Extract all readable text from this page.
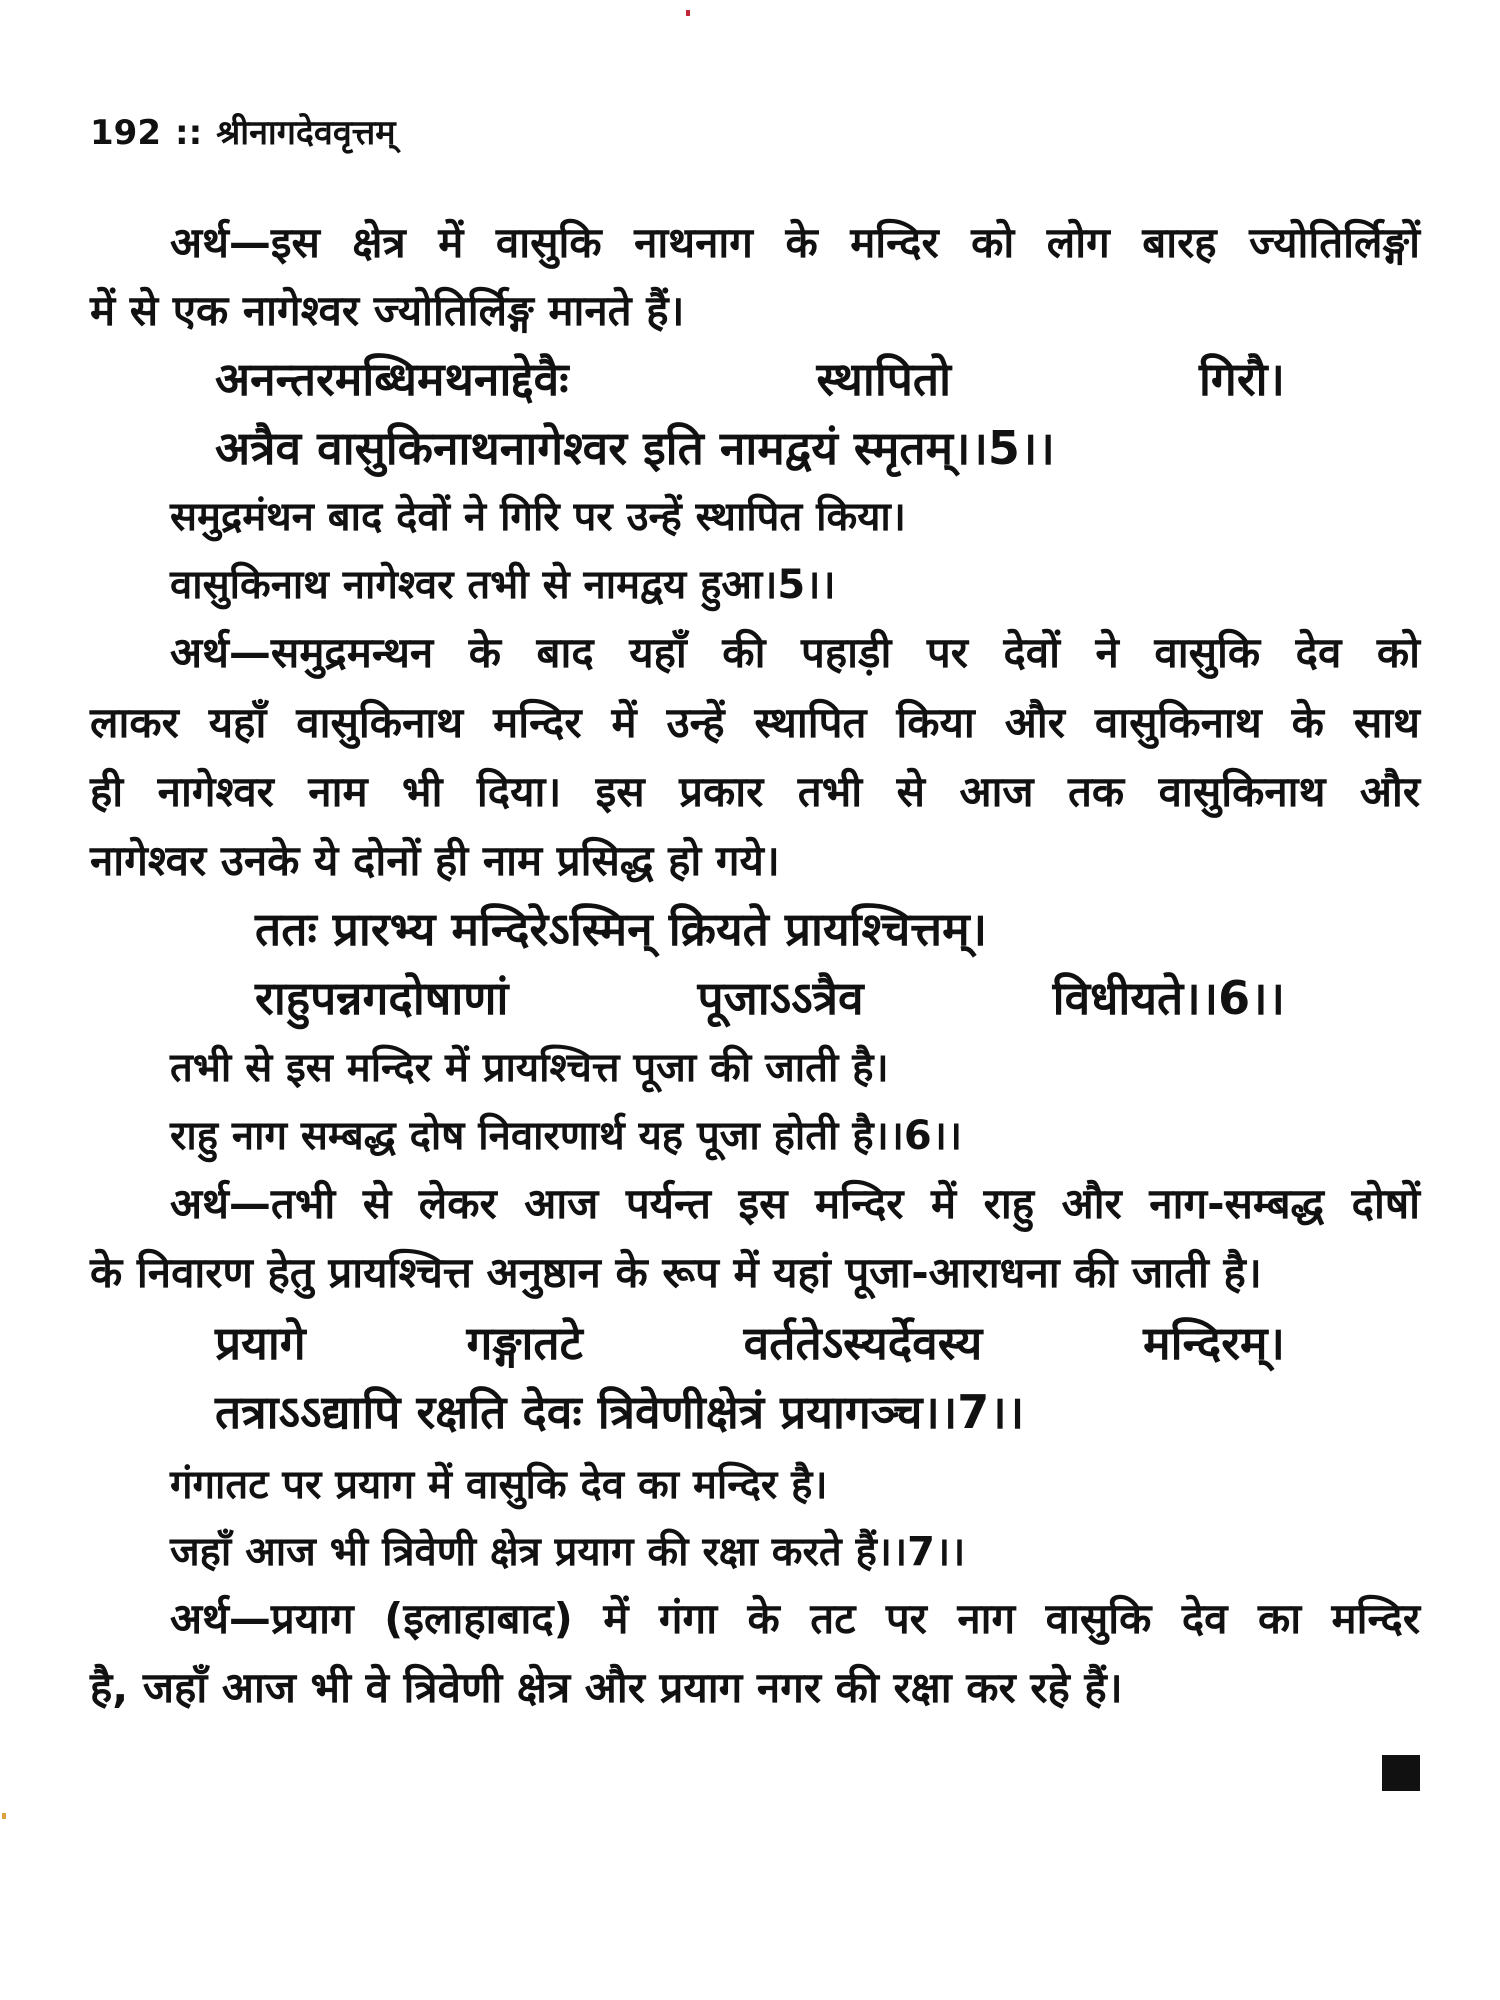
192 :: श्रीनागदेववृत्तम्
अर्थ—इस क्षेत्र में वासुकि नाथनाग के मन्दिर को लोग बारह ज्योतिर्लिङ्गों
में से एक नागेश्वर ज्योतिर्लिङ्ग मानते हैं।
अनन्तरमब्धिमथनाद्देवैः	स्थापितो	गिरौ।
अत्रैव वासुकिनाथनागेश्वर इति नामद्वयं स्मृतम्।।5।।
समुद्रमंथन बाद देवों ने गिरि पर उन्हें स्थापित किया।
वासुकिनाथ नागेश्वर तभी से नामद्वय हुआ।5।।
अर्थ—समुद्रमन्थन के बाद यहाँ की पहाड़ी पर देवों ने वासुकि देव को
लाकर यहाँ वासुकिनाथ मन्दिर में उन्हें स्थापित किया और वासुकिनाथ के साथ
ही नागेश्वर नाम भी दिया। इस प्रकार तभी से आज तक वासुकिनाथ और
नागेश्वर उनके ये दोनों ही नाम प्रसिद्ध हो गये।
ततः प्रारभ्य मन्दिरेऽस्मिन् क्रियते प्रायश्चित्तम्।
राहुपन्नगदोषाणां	पूजाऽऽत्रैव	विधीयते।।6।।
तभी से इस मन्दिर में प्रायश्चित्त पूजा की जाती है।
राहु नाग सम्बद्ध दोष निवारणार्थ यह पूजा होती है।।6।।
अर्थ—तभी से लेकर आज पर्यन्त इस मन्दिर में राहु और नाग-सम्बद्ध दोषों
के निवारण हेतु प्रायश्चित्त अनुष्ठान के रूप में यहां पूजा-आराधना की जाती है।
प्रयागे	गङ्गातटे	वर्ततेऽस्यर्देवस्य	मन्दिरम्।
तत्राऽऽद्यापि रक्षति देवः त्रिवेणीक्षेत्रं प्रयागञ्च।।7।।
गंगातट पर प्रयाग में वासुकि देव का मन्दिर है।
जहाँ आज भी त्रिवेणी क्षेत्र प्रयाग की रक्षा करते हैं।।7।।
अर्थ—प्रयाग (इलाहाबाद) में गंगा के तट पर नाग वासुकि देव का मन्दिर
है, जहाँ आज भी वे त्रिवेणी क्षेत्र और प्रयाग नगर की रक्षा कर रहे हैं।
